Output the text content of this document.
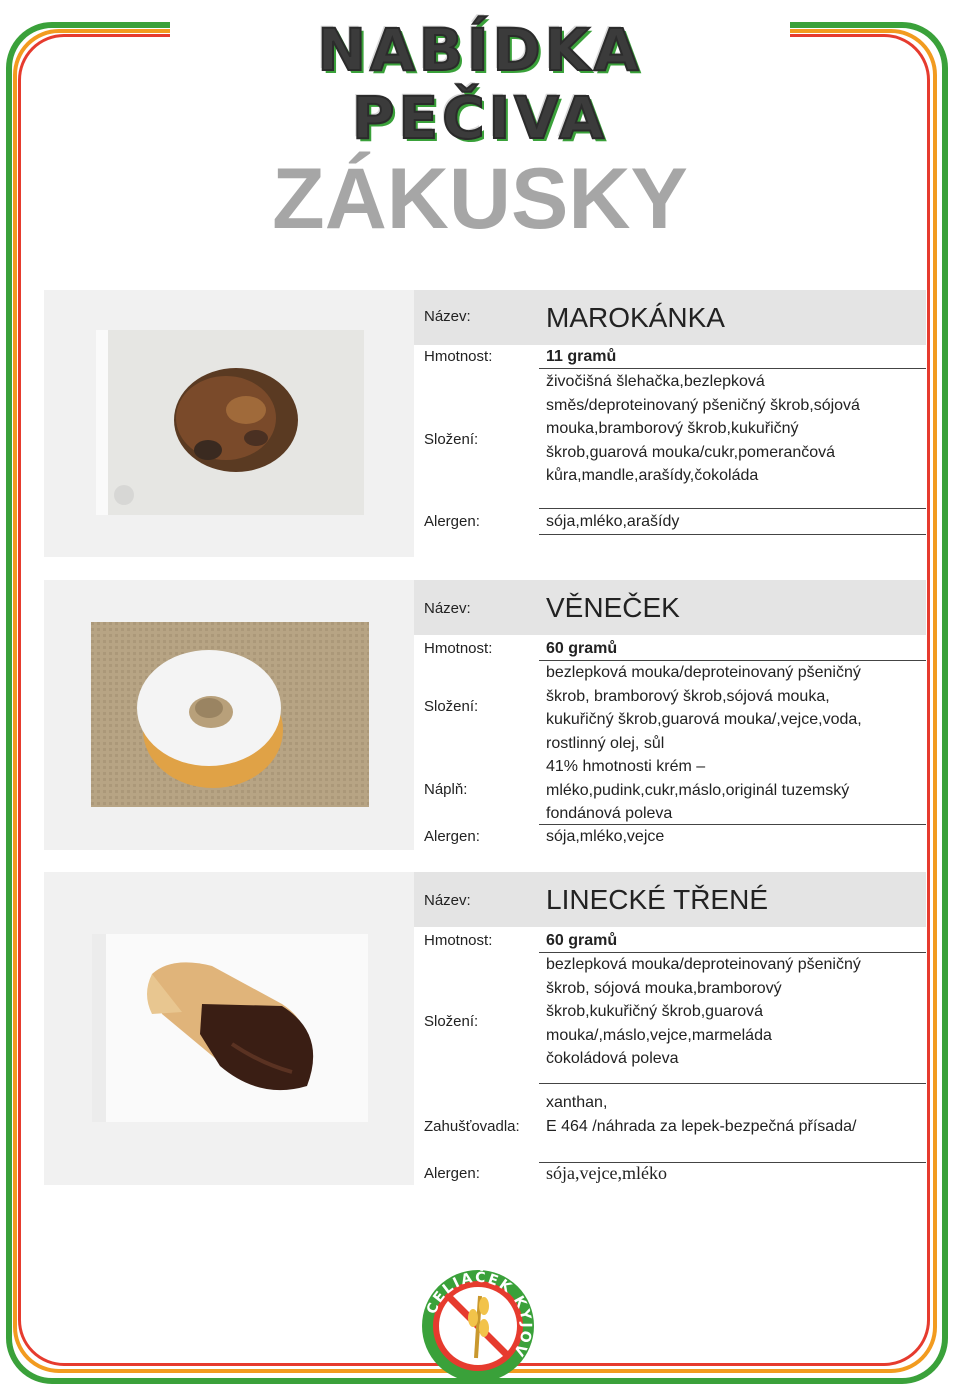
NABÍDKA PEČIVA
ZÁKUSKY
Název:	MAROKÁNKA
Hmotnost:	11 gramů
Složení:
živočišná šlehačka,bezlepková
směs/deproteinovaný pšeničný škrob,sójová
mouka,bramborový škrob,kukuřičný
škrob,guarová mouka/cukr,pomerančová
kůra,mandle,arašídy,čokoláda
Alergen:	sója,mléko,arašídy
Název:	VĚNEČEK
Hmotnost:	60 gramů
Složení:
bezlepková mouka/deproteinovaný pšeničný
škrob, bramborový škrob,sójová mouka,
kukuřičný škrob,guarová mouka/,vejce,voda,
rostlinný olej, sůl
Náplň:
41% hmotnosti krém –
mléko,pudink,cukr,máslo,originál tuzemský
fondánová poleva
Alergen:	sója,mléko,vejce
Název:	LINECKÉ TŘENÉ
Hmotnost:	60 gramů
Složení:
bezlepková mouka/deproteinovaný pšeničný
škrob, sójová mouka,bramborový
škrob,kukuřičný škrob,guarová
mouka/,máslo,vejce,marmeláda
čokoládová poleva
Zahušťovadla:
xanthan,
E 464 /náhrada za lepek-bezpečná přísada/
Alergen:	sója,vejce,mléko
CELIAČEK KYJOV
